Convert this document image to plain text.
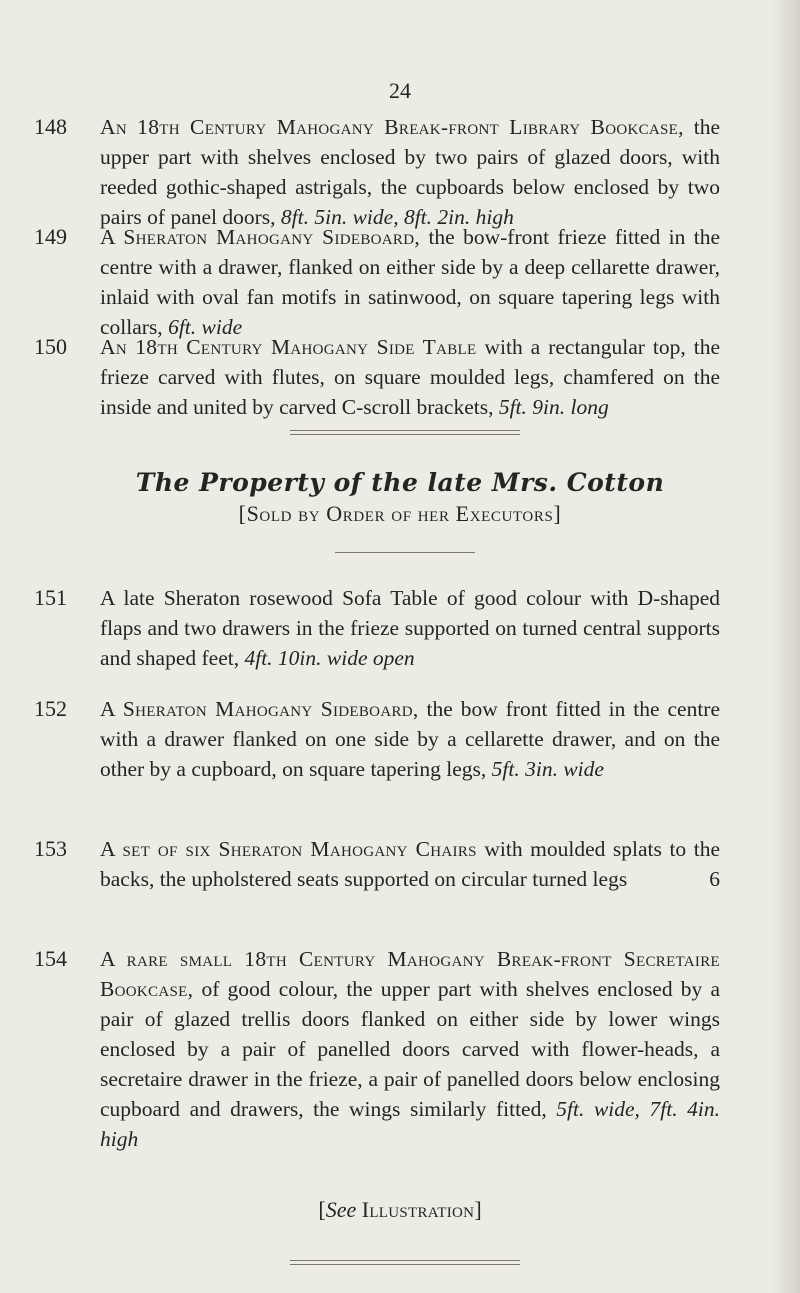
24
148 An 18th Century Mahogany Break-front Library Bookcase, the upper part with shelves enclosed by two pairs of glazed doors, with reeded gothic-shaped astrigals, the cupboards below enclosed by two pairs of panel doors, 8ft. 5in. wide, 8ft. 2in. high
149 A Sheraton Mahogany Sideboard, the bow-front frieze fitted in the centre with a drawer, flanked on either side by a deep cellarette drawer, inlaid with oval fan motifs in satinwood, on square tapering legs with collars, 6ft. wide
150 An 18th Century Mahogany Side Table with a rectangular top, the frieze carved with flutes, on square moulded legs, chamfered on the inside and united by carved C-scroll brackets, 5ft. 9in. long
The Property of the late Mrs. Cotton
[Sold by Order of her Executors]
151 A late Sheraton rosewood Sofa Table of good colour with D-shaped flaps and two drawers in the frieze supported on turned central supports and shaped feet, 4ft. 10in. wide open
152 A Sheraton Mahogany Sideboard, the bow front fitted in the centre with a drawer flanked on one side by a cellarette drawer, and on the other by a cupboard, on square tapering legs, 5ft. 3in. wide
153 A set of six Sheraton Mahogany Chairs with moulded splats to the backs, the upholstered seats supported on circular turned legs	6
154 A rare small 18th Century Mahogany Break-front Secretaire Bookcase, of good colour, the upper part with shelves enclosed by a pair of glazed trellis doors flanked on either side by lower wings enclosed by a pair of panelled doors carved with flower-heads, a secretaire drawer in the frieze, a pair of panelled doors below enclosing cupboard and drawers, the wings similarly fitted, 5ft. wide, 7ft. 4in. high
[See Illustration]
